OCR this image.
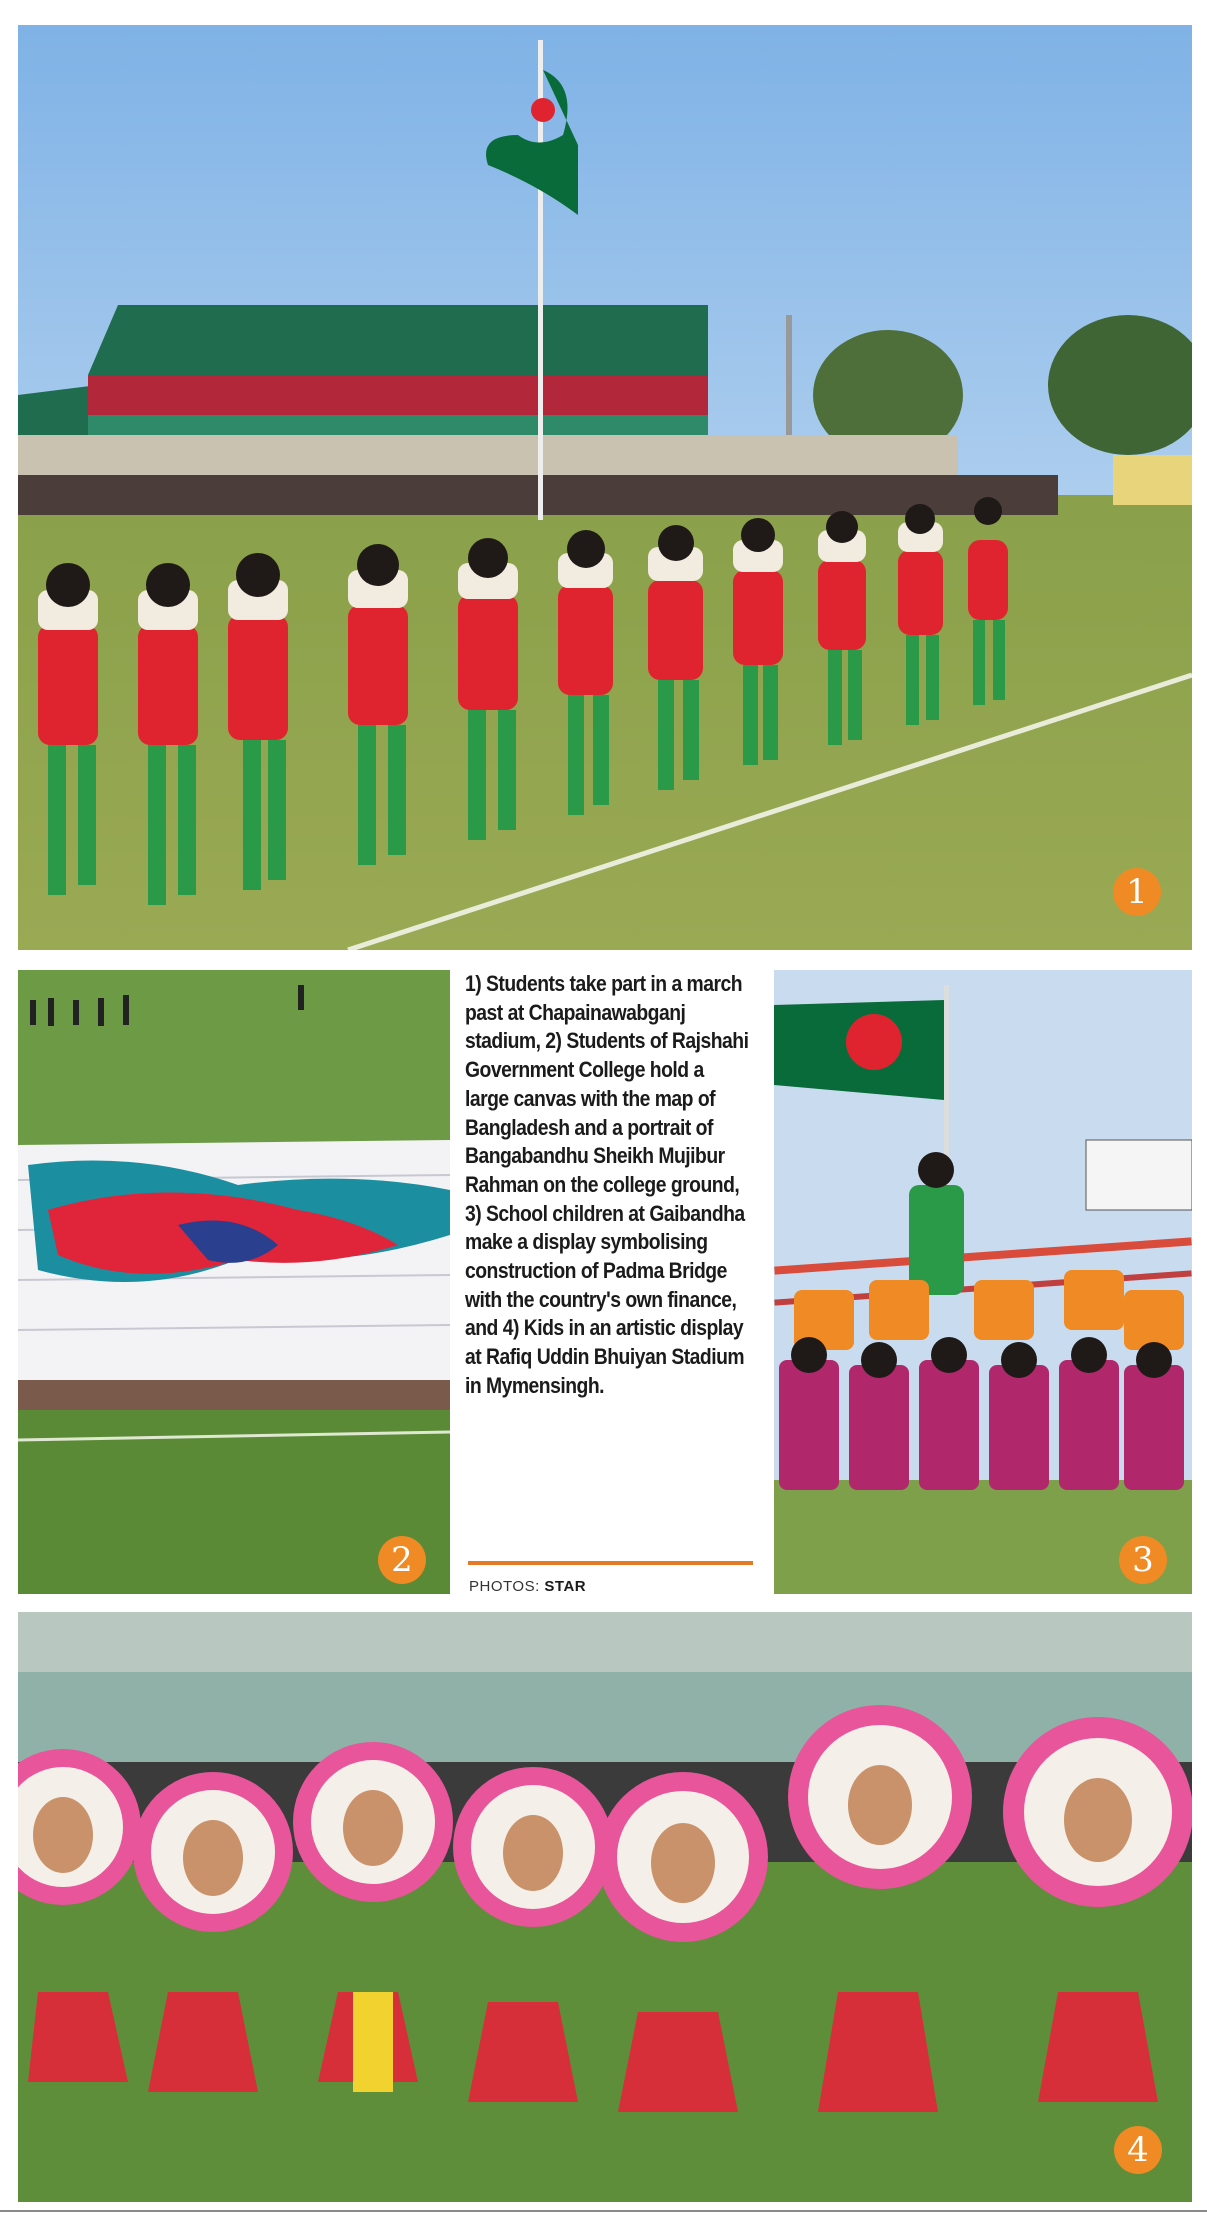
1
2
1) Students take part in a march past at Chapainawabganj stadium, 2) Students of Rajshahi Government College hold a large canvas with the map of Bangladesh and a portrait of Bangabandhu Sheikh Mujibur Rahman on the college ground, 3) School children at Gaibandha make a display symbolising construction of Padma Bridge with the country's own finance, and 4) Kids in an artistic display at Rafiq Uddin Bhuiyan Stadium in Mymensingh.
PHOTOS: STAR
3
4
